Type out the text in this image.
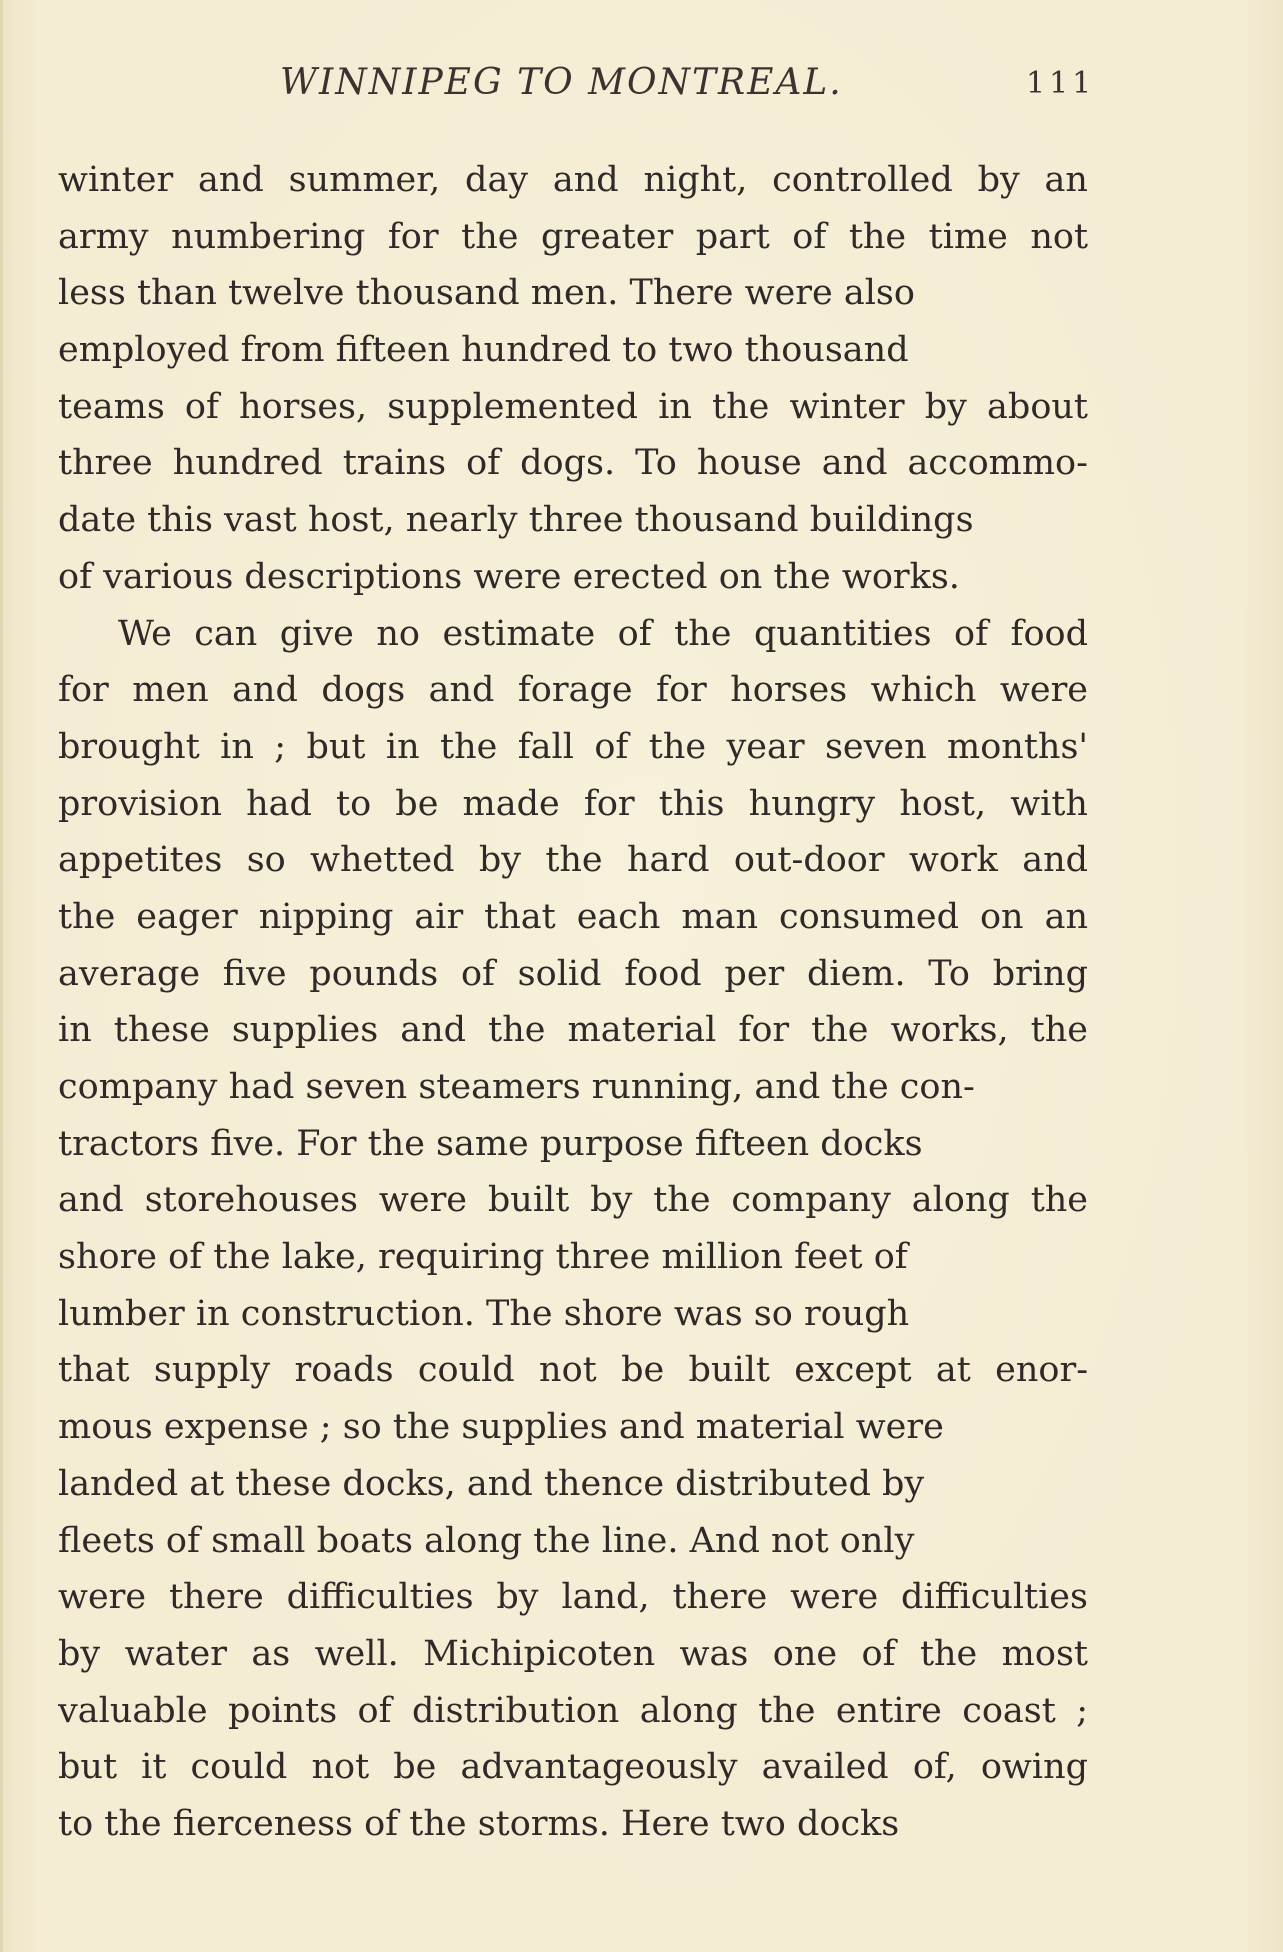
WINNIPEG TO MONTREAL.	111
winter and summer, day and night, controlled by an
army numbering for the greater part of the time not
less than twelve thousand men. There were also
employed from fifteen hundred to two thousand
teams of horses, supplemented in the winter by about
three hundred trains of dogs. To house and accommo-
date this vast host, nearly three thousand buildings
of various descriptions were erected on the works.
We can give no estimate of the quantities of food
for men and dogs and forage for horses which were
brought in ; but in the fall of the year seven months'
provision had to be made for this hungry host, with
appetites so whetted by the hard out-door work and
the eager nipping air that each man consumed on an
average five pounds of solid food per diem. To bring
in these supplies and the material for the works, the
company had seven steamers running, and the con-
tractors five. For the same purpose fifteen docks
and storehouses were built by the company along the
shore of the lake, requiring three million feet of
lumber in construction. The shore was so rough
that supply roads could not be built except at enor-
mous expense ; so the supplies and material were
landed at these docks, and thence distributed by
fleets of small boats along the line. And not only
were there difficulties by land, there were difficulties
by water as well. Michipicoten was one of the most
valuable points of distribution along the entire coast ;
but it could not be advantageously availed of, owing
to the fierceness of the storms. Here two docks
